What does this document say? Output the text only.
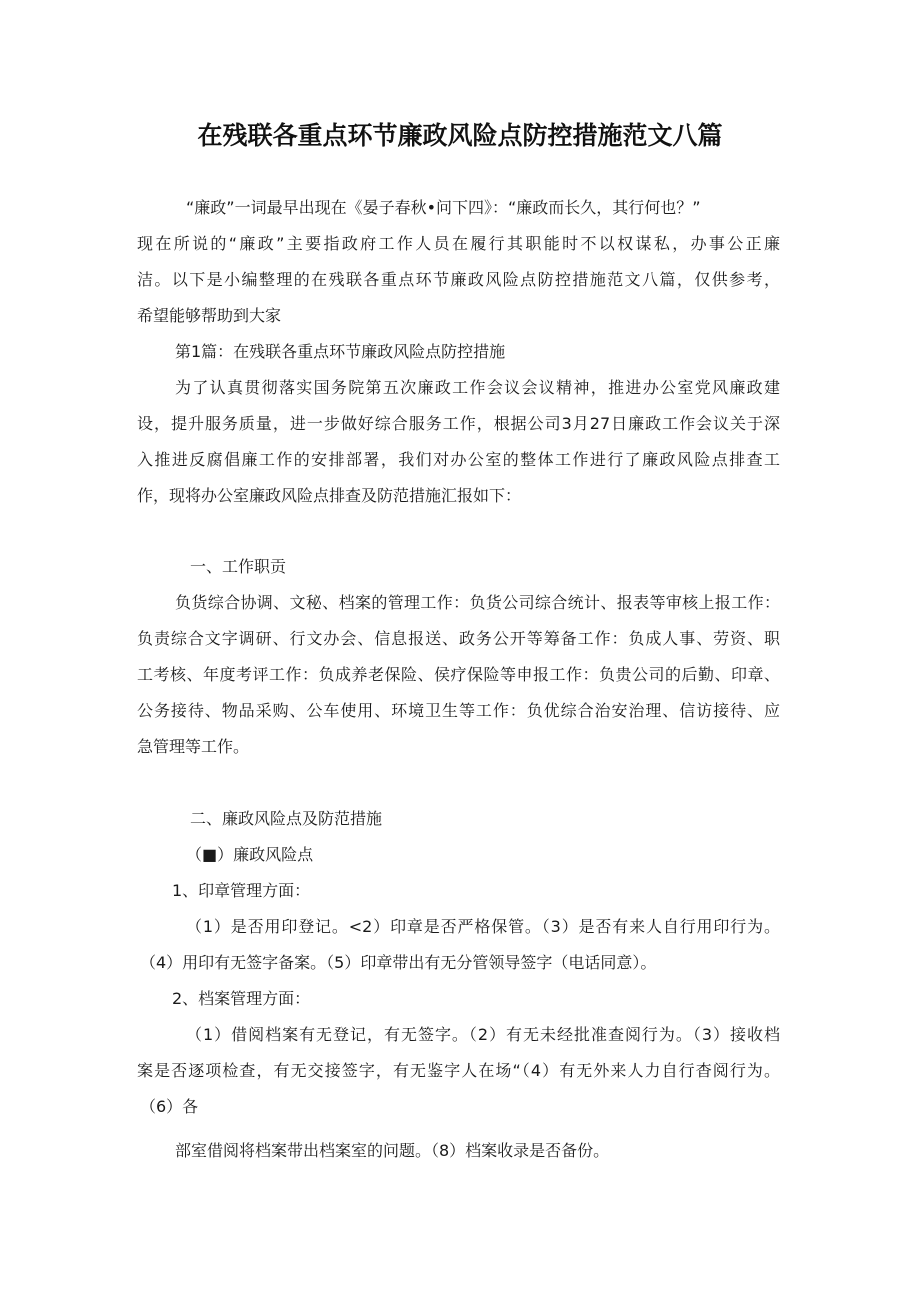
在残联各重点环节廉政风险点防控措施范文八篇
“廉政”一词最早出现在《晏子春秋•问下四》：“廉政而长久，其行何也？”
现在所说的“廉政”主要指政府工作人员在履行其职能时不以权谋私，办事公正廉
洁。以下是小编整理的在残联各重点环节廉政风险点防控措施范文八篇，仅供参考，
希望能够帮助到大家
第1篇：在残联各重点环节廉政风险点防控措施
为了认真贯彻落实国务院第五次廉政工作会议会议精神，推进办公室党风廉政建
设，提升服务质量，进一步做好综合服务工作，根据公司3月27日廉政工作会议关于深
入推进反腐倡廉工作的安排部署，我们对办公室的整体工作进行了廉政风险点排查工
作，现将办公室廉政风险点排查及防范措施汇报如下：
一、工作职贡
负货综合协调、文秘、档案的管理工作：负货公司综合统计、报表等审核上报工作：
负责综合文字调研、行文办会、信息报送、政务公开等筹备工作：负成人事、劳资、职
工考核、年度考评工作：负成养老保险、侯疗保险等申报工作：负贵公司的后勤、印章、
公务接待、物品采购、公车使用、环境卫生等工作：负优综合治安治理、信访接待、应
急管理等工作。
二、廉政风险点及防范措施
（■）廉政风险点
1、印章管理方面：
（1）是否用印登记。<2）印章是否严格保管。（3）是否有来人自行用印行为。
（4）用印有无签字备案。（5）印章带出有无分管领导签字（电话同意）。
2、档案管理方面：
（1）借阅档案有无登记，有无签字。（2）有无未经批准查阅行为。（3）接收档
案是否逐项检查，有无交接签字，有无鉴字人在场“（4）有无外来人力自行杳阅行为。
（6）各
部室借阅将档案带出档案室的问题。（8）档案收录是否备份。
